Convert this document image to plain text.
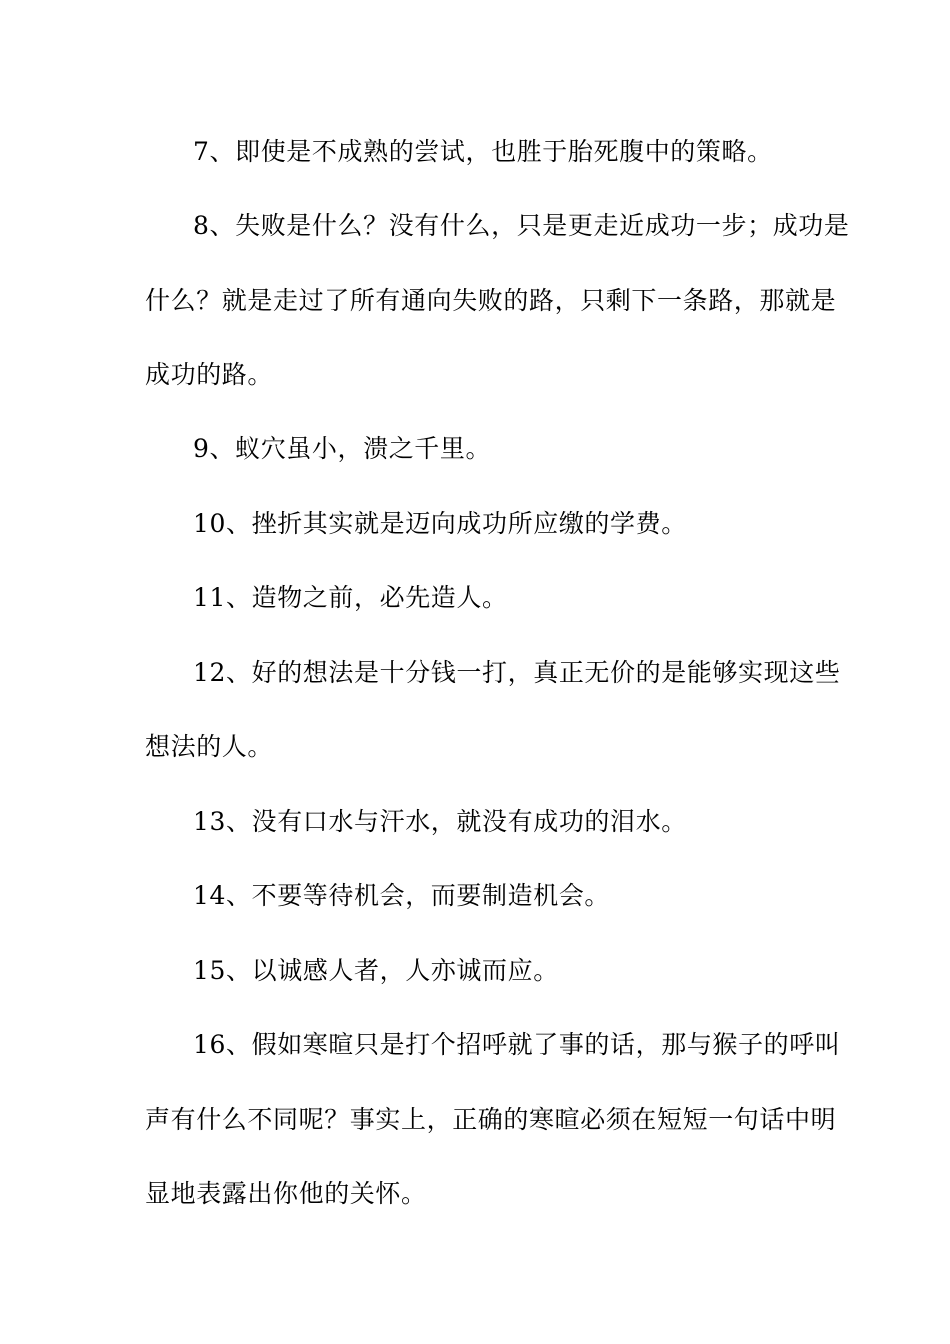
7、即使是不成熟的尝试，也胜于胎死腹中的策略。
8、失败是什么？没有什么，只是更走近成功一步；成功是
什么？就是走过了所有通向失败的路，只剩下一条路，那就是
成功的路。
9、蚁穴虽小，溃之千里。
10、挫折其实就是迈向成功所应缴的学费。
11、造物之前，必先造人。
12、好的想法是十分钱一打，真正无价的是能够实现这些
想法的人。
13、没有口水与汗水，就没有成功的泪水。
14、不要等待机会，而要制造机会。
15、以诚感人者，人亦诚而应。
16、假如寒暄只是打个招呼就了事的话，那与猴子的呼叫
声有什么不同呢？事实上，正确的寒暄必须在短短一句话中明
显地表露出你他的关怀。
